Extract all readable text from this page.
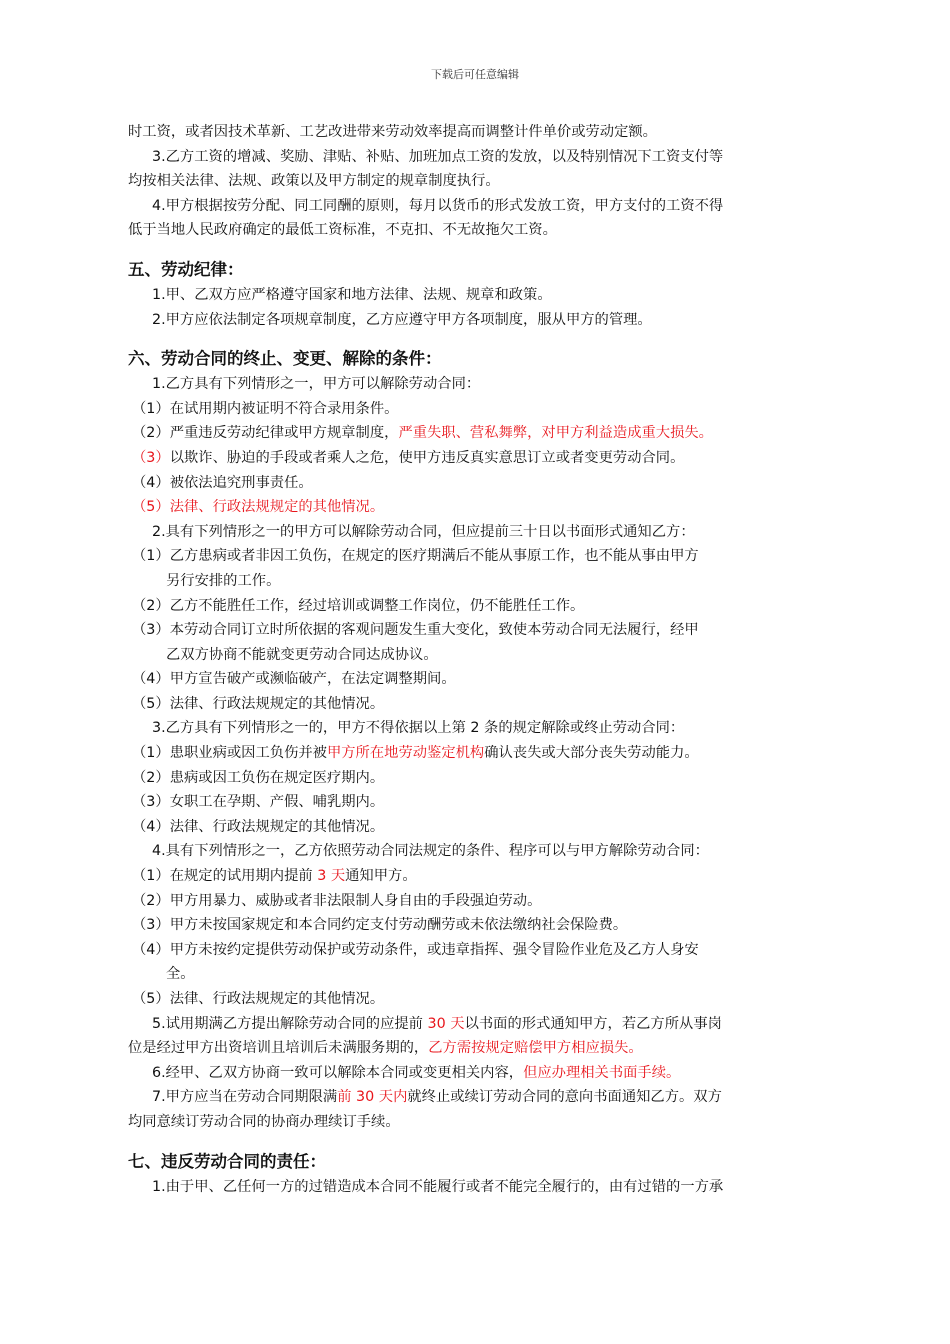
下载后可任意编辑

时工资，或者因技术革新、工艺改进带来劳动效率提高而调整计件单价或劳动定额。

3.乙方工资的增减、奖励、津贴、补贴、加班加点工资的发放，以及特别情况下工资支付等

均按相关法律、法规、政策以及甲方制定的规章制度执行。

4.甲方根据按劳分配、同工同酬的原则，每月以货币的形式发放工资，甲方支付的工资不得

低于当地人民政府确定的最低工资标准，不克扣、不无故拖欠工资。

五、劳动纪律：

1.甲、乙双方应严格遵守国家和地方法律、法规、规章和政策。

2.甲方应依法制定各项规章制度，乙方应遵守甲方各项制度，服从甲方的管理。

六、劳动合同的终止、变更、解除的条件：

1.乙方具有下列情形之一，甲方可以解除劳动合同：

（1）在试用期内被证明不符合录用条件。

（2）严重违反劳动纪律或甲方规章制度，严重失职、营私舞弊，对甲方利益造成重大损失。

（3）以欺诈、胁迫的手段或者乘人之危，使甲方违反真实意思订立或者变更劳动合同。

（4）被依法追究刑事责任。

（5）法律、行政法规规定的其他情况。

2.具有下列情形之一的甲方可以解除劳动合同，但应提前三十日以书面形式通知乙方：

（1）乙方患病或者非因工负伤，在规定的医疗期满后不能从事原工作，也不能从事由甲方

另行安排的工作。

（2）乙方不能胜任工作，经过培训或调整工作岗位，仍不能胜任工作。

（3）本劳动合同订立时所依据的客观问题发生重大变化，致使本劳动合同无法履行，经甲

乙双方协商不能就变更劳动合同达成协议。

（4）甲方宣告破产或濒临破产，在法定调整期间。

（5）法律、行政法规规定的其他情况。

3.乙方具有下列情形之一的，甲方不得依据以上第 2 条的规定解除或终止劳动合同：

（1）患职业病或因工负伤并被甲方所在地劳动鉴定机构确认丧失或大部分丧失劳动能力。

（2）患病或因工负伤在规定医疗期内。

（3）女职工在孕期、产假、哺乳期内。

（4）法律、行政法规规定的其他情况。

4.具有下列情形之一，乙方依照劳动合同法规定的条件、程序可以与甲方解除劳动合同：

（1）在规定的试用期内提前 3 天通知甲方。

（2）甲方用暴力、威胁或者非法限制人身自由的手段强迫劳动。

（3）甲方未按国家规定和本合同约定支付劳动酬劳或未依法缴纳社会保险费。

（4）甲方未按约定提供劳动保护或劳动条件，或违章指挥、强令冒险作业危及乙方人身安

全。

（5）法律、行政法规规定的其他情况。

5.试用期满乙方提出解除劳动合同的应提前 30 天以书面的形式通知甲方，若乙方所从事岗

位是经过甲方出资培训且培训后未满服务期的，乙方需按规定赔偿甲方相应损失。

6.经甲、乙双方协商一致可以解除本合同或变更相关内容，但应办理相关书面手续。

7.甲方应当在劳动合同期限满前 30 天内就终止或续订劳动合同的意向书面通知乙方。双方

均同意续订劳动合同的协商办理续订手续。

七、违反劳动合同的责任：

1.由于甲、乙任何一方的过错造成本合同不能履行或者不能完全履行的，由有过错的一方承
